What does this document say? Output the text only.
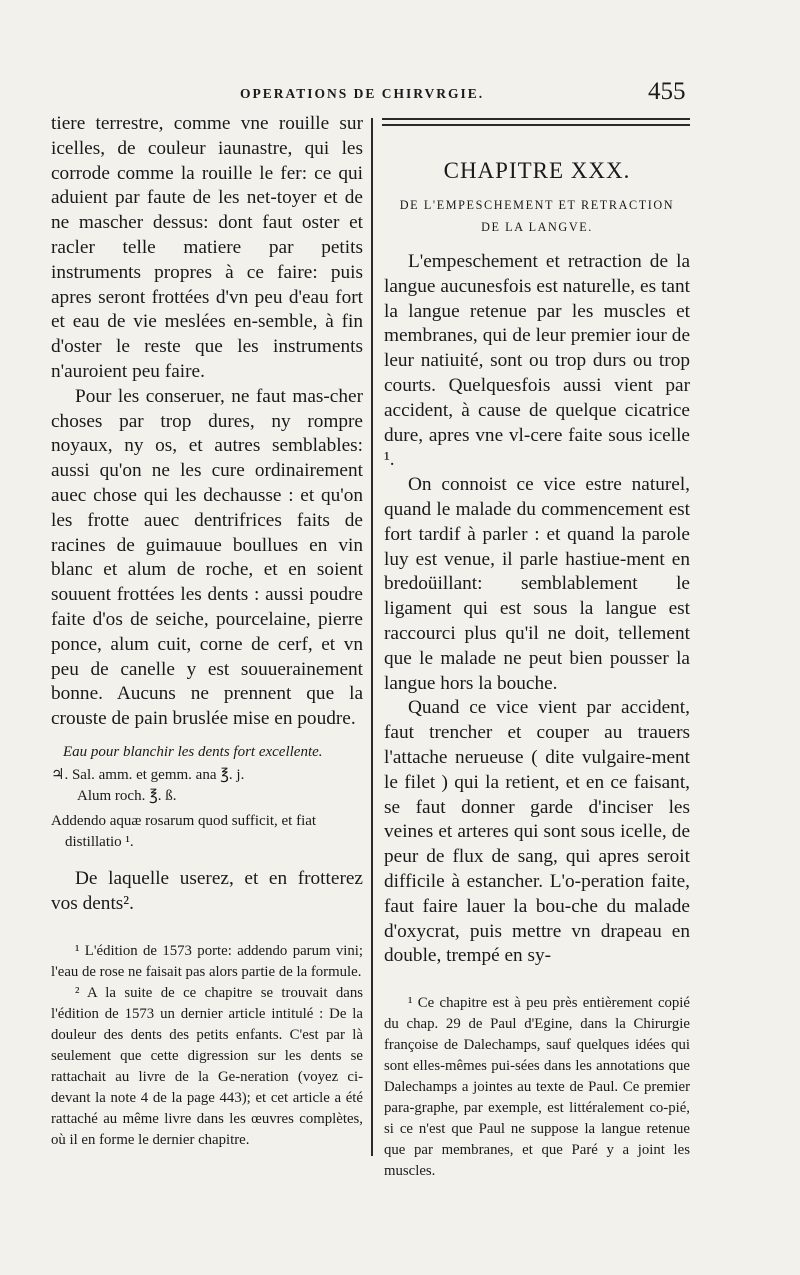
OPERATIONS DE CHIRVRGIE.	455

tiere terrestre, comme vne rouille sur icelles, de couleur iaunastre, qui les corrode comme la rouille le fer: ce qui aduient par faute de les net-toyer et de ne mascher dessus: dont faut oster et racler telle matiere par petits instruments propres à ce faire: puis apres seront frottées d'vn peu d'eau fort et eau de vie meslées en-semble, à fin d'oster le reste que les instruments n'auroient peu faire.

Pour les conseruer, ne faut mas-cher choses par trop dures, ny rompre noyaux, ny os, et autres semblables: aussi qu'on ne les cure ordinairement auec chose qui les dechausse : et qu'on les frotte auec dentrifrices faits de racines de guimauue boullues en vin blanc et alum de roche, et en soient souuent frottées les dents : aussi poudre faite d'os de seiche, pourcelaine, pierre ponce, alum cuit, corne de cerf, et vn peu de canelle y est souuerainement bonne. Aucuns ne prennent que la crouste de pain bruslée mise en poudre.

Eau pour blanchir les dents fort excellente.

♃. Sal. amm. et gemm. ana ℥. j.

Alum roch. ℥. ß.

Addendo aquæ rosarum quod sufficit, et fiat distillatio ¹.

De laquelle userez, et en frotterez vos dents².

¹ L'édition de 1573 porte: addendo parum vini; l'eau de rose ne faisait pas alors partie de la formule.

² A la suite de ce chapitre se trouvait dans l'édition de 1573 un dernier article intitulé : De la douleur des dents des petits enfants. C'est par là seulement que cette digression sur les dents se rattachait au livre de la Ge-neration (voyez ci-devant la note 4 de la page 443); et cet article a été rattaché au même livre dans les œuvres complètes, où il en forme le dernier chapitre.

CHAPITRE XXX.
DE L'EMPESCHEMENT ET RETRACTION
DE LA LANGVE.

L'empeschement et retraction de la langue aucunesfois est naturelle, es tant la langue retenue par les muscles et membranes, qui de leur premier iour de leur natiuité, sont ou trop durs ou trop courts. Quelquesfois aussi vient par accident, à cause de quelque cicatrice dure, apres vne vl-cere faite sous icelle ¹.

On connoist ce vice estre naturel, quand le malade du commencement est fort tardif à parler : et quand la parole luy est venue, il parle hastiue-ment en bredoüillant: semblablement le ligament qui est sous la langue est raccourci plus qu'il ne doit, tellement que le malade ne peut bien pousser la langue hors la bouche.

Quand ce vice vient par accident, faut trencher et couper au trauers l'attache nerueuse ( dite vulgaire-ment le filet ) qui la retient, et en ce faisant, se faut donner garde d'inciser les veines et arteres qui sont sous icelle, de peur de flux de sang, qui apres seroit difficile à estancher. L'o-peration faite, faut faire lauer la bou-che du malade d'oxycrat, puis mettre vn drapeau en double, trempé en sy-

¹ Ce chapitre est à peu près entièrement copié du chap. 29 de Paul d'Egine, dans la Chirurgie françoise de Dalechamps, sauf quelques idées qui sont elles-mêmes pui-sées dans les annotations que Dalechamps a jointes au texte de Paul. Ce premier para-graphe, par exemple, est littéralement co-pié, si ce n'est que Paul ne suppose la langue retenue que par membranes, et que Paré y a joint les muscles.
